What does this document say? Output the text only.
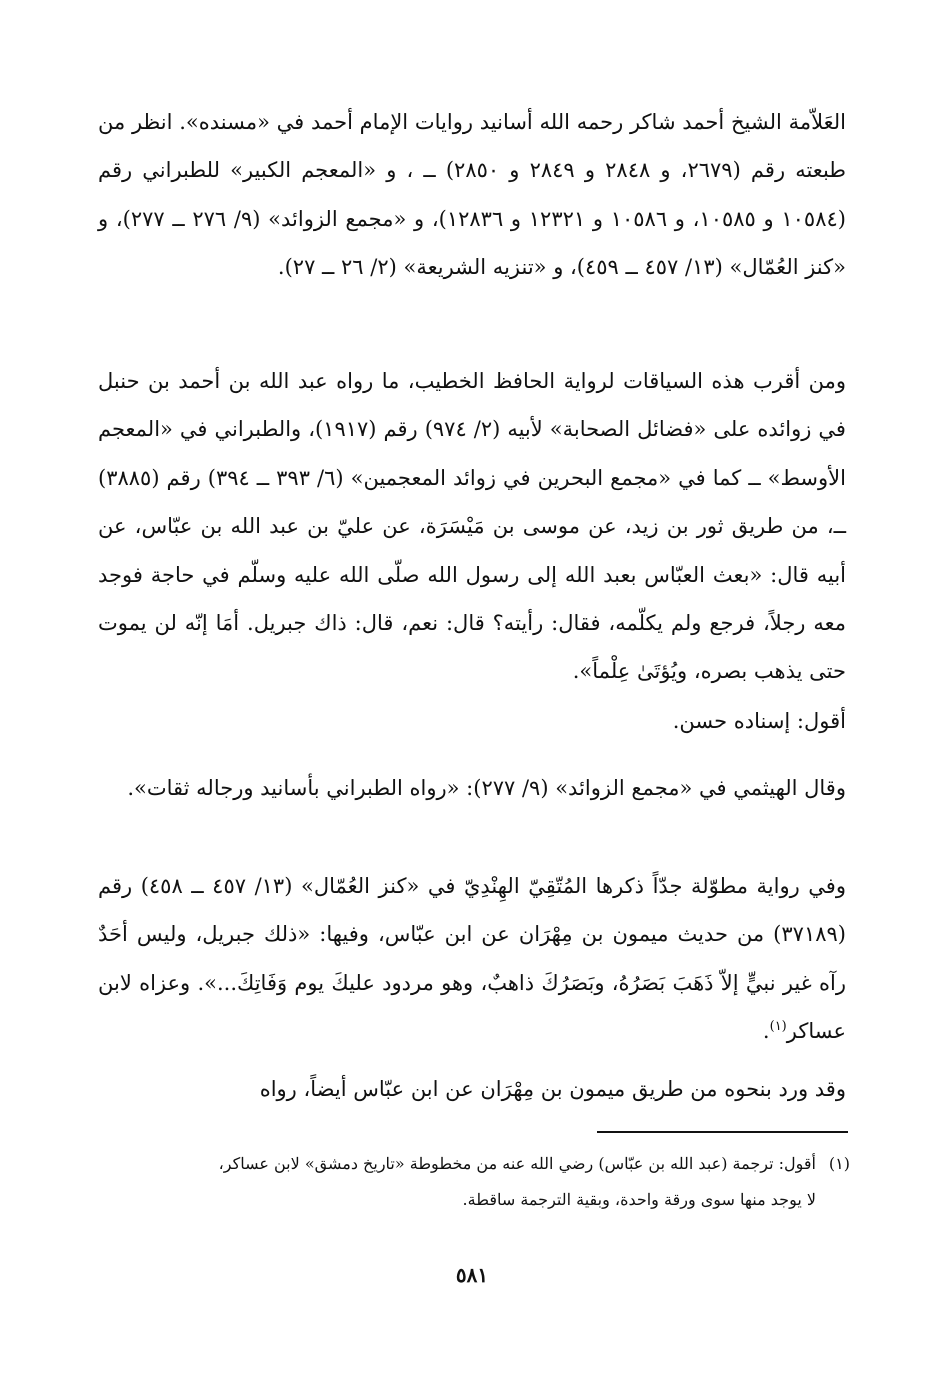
العَلاّمة الشيخ أحمد شاكر رحمه الله أسانيد روايات الإمام أحمد في «مسنده». انظر من طبعته رقم (٢٦٧٩، و ٢٨٤٨ و ٢٨٤٩ و ٢٨٥٠) ــ ، و «المعجم الكبير» للطبراني رقم (١٠٥٨٤ و ١٠٥٨٥، و ١٠٥٨٦ و ١٢٣٢١ و ١٢٨٣٦)، و «مجمع الزوائد» (٩/ ٢٧٦ ــ ٢٧٧)، و «كنز العُمّال» (١٣/ ٤٥٧ ــ ٤٥٩)، و «تنزيه الشريعة» (٢/ ٢٦ ــ ٢٧).

ومن أقرب هذه السياقات لرواية الحافظ الخطيب، ما رواه عبد الله بن أحمد بن حنبل في زوائده على «فضائل الصحابة» لأبيه (٢/ ٩٧٤) رقم (١٩١٧)، والطبراني في «المعجم الأوسط» ــ كما في «مجمع البحرين في زوائد المعجمين» (٦/ ٣٩٣ ــ ٣٩٤) رقم (٣٨٨٥) ــ، من طريق ثور بن زيد، عن موسى بن مَيْسَرَة، عن عليّ بن عبد الله بن عبّاس، عن أبيه قال: «بعث العبّاس بعبد الله إلى رسول الله صلّى الله عليه وسلّم في حاجة فوجد معه رجلاً، فرجع ولم يكلّمه، فقال: رأيته؟ قال: نعم، قال: ذاك جبريل. أمَا إنّه لن يموت حتى يذهب بصره، ويُؤتَىٰ عِلْماً».

أقول: إسناده حسن.

وقال الهيثمي في «مجمع الزوائد» (٩/ ٢٧٧): «رواه الطبراني بأسانيد ورجاله ثقات».

وفي رواية مطوّلة جدّاً ذكرها المُتّقِيّ الهِنْدِيّ في «كنز العُمّال» (١٣/ ٤٥٧ ــ ٤٥٨) رقم (٣٧١٨٩) من حديث ميمون بن مِهْرَان عن ابن عبّاس، وفيها: «ذلك جبريل، وليس أحَدٌ رآه غير نبيٍّ إلاّ ذَهَبَ بَصَرُهُ، وبَصَرُكَ ذاهبٌ، وهو مردود عليكَ يوم وَفَاتِكَ...». وعزاه لابن عساكر$^{(١)}$.

وقد ورد بنحوه من طريق ميمون بن مِهْرَان عن ابن عبّاس أيضاً، رواه

(١)أقول: ترجمة (عبد الله بن عبّاس) رضي الله عنه من مخطوطة «تاريخ دمشق» لابن عساكر،
لا يوجد منها سوى ورقة واحدة، وبقية الترجمة ساقطة.

٥٨١
